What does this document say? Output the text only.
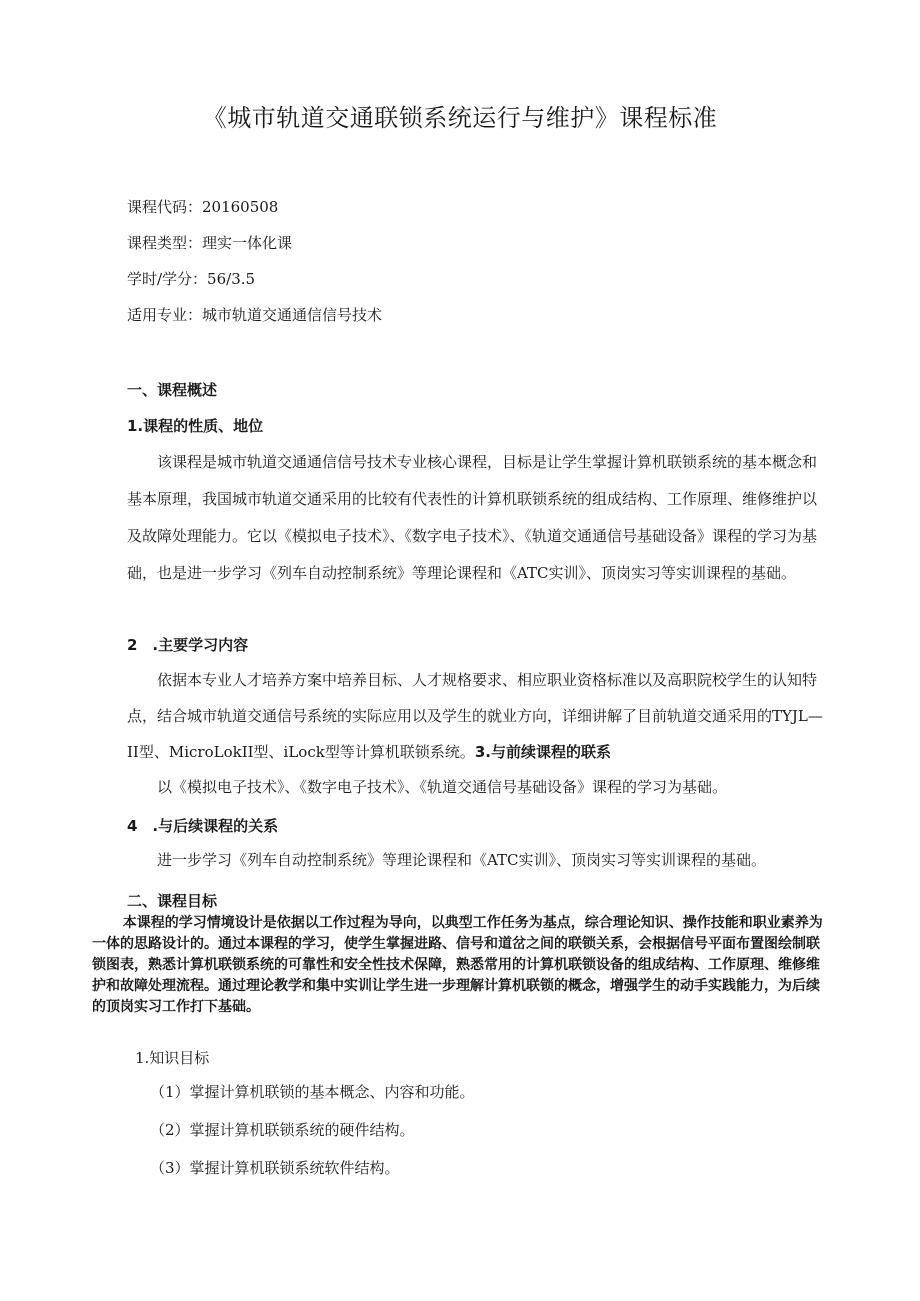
《城市轨道交通联锁系统运行与维护》课程标准
课程代码：20160508
课程类型：理实一体化课
学时/学分：56/3.5
适用专业：城市轨道交通通信信号技术
一、课程概述
1.课程的性质、地位
该课程是城市轨道交通通信信号技术专业核心课程，目标是让学生掌握计算机联锁系统的基本概念和基本原理，我国城市轨道交通采用的比较有代表性的计算机联锁系统的组成结构、工作原理、维修维护以及故障处理能力。它以《模拟电子技术》、《数字电子技术》、《轨道交通通信号基础设备》课程的学习为基础，也是进一步学习《列车自动控制系统》等理论课程和《ATC实训》、顶岗实习等实训课程的基础。
2　.主要学习内容
依据本专业人才培养方案中培养目标、人才规格要求、相应职业资格标准以及高职院校学生的认知特点，结合城市轨道交通信号系统的实际应用以及学生的就业方向，详细讲解了目前轨道交通采用的TYJL—II型、MicroLokII型、iLock型等计算机联锁系统。3.与前续课程的联系
以《模拟电子技术》、《数字电子技术》、《轨道交通信号基础设备》课程的学习为基础。
4　.与后续课程的关系
进一步学习《列车自动控制系统》等理论课程和《ATC实训》、顶岗实习等实训课程的基础。
二、课程目标
本课程的学习情境设计是依据以工作过程为导向，以典型工作任务为基点，综合理论知识、操作技能和职业素养为一体的思路设计的。通过本课程的学习，使学生掌握进路、信号和道岔之间的联锁关系，会根据信号平面布置图绘制联锁图表，熟悉计算机联锁系统的可靠性和安全性技术保障，熟悉常用的计算机联锁设备的组成结构、工作原理、维修维护和故障处理流程。通过理论教学和集中实训让学生进一步理解计算机联锁的概念，增强学生的动手实践能力，为后续的顶岗实习工作打下基础。
1.知识目标
（1）掌握计算机联锁的基本概念、内容和功能。
（2）掌握计算机联锁系统的硬件结构。
（3）掌握计算机联锁系统软件结构。
